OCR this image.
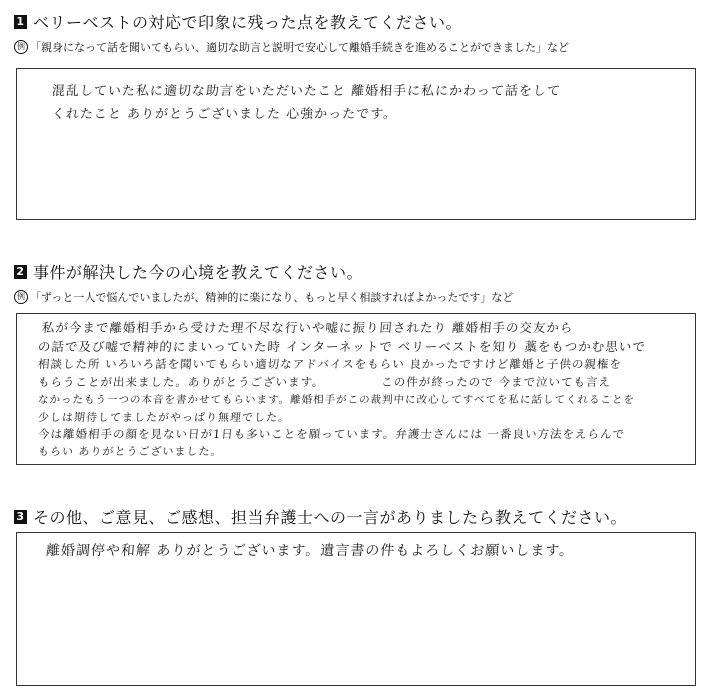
1 ベリーベストの対応で印象に残った点を教えてください。
例 「親身になって話を聞いてもらい、適切な助言と説明で安心して離婚手続きを進めることができました」など
混乱していた私に適切な助言をいただいたこと 離婚相手に私にかわって話をして
くれたこと ありがとうございました 心強かったです。
2 事件が解決した今の心境を教えてください。
例 「ずっと一人で悩んでいましたが、精神的に楽になり、もっと早く相談すればよかったです」など
私が今まで離婚相手から受けた理不尽な行いや嘘に振り回されたり 離婚相手の交友から
の話で及び嘘で精神的にまいっていた時 インターネットで ベリーベストを知り 藁をもつかむ思いで
相談した所 いろいろ話を聞いてもらい適切なアドバイスをもらい 良かったですけど離婚と子供の親権を
もらうことが出来ました。ありがとうございます。　　　　　この件が終ったので 今まで泣いても言え
なかったもう一つの本音を書かせてもらいます。離婚相手がこの裁判中に改心してすべてを私に話してくれることを
少しは期待してましたがやっぱり無理でした。
今は離婚相手の顔を見ない日が1日も多いことを願っています。弁護士さんには 一番良い方法をえらんで
もらい ありがとうございました。
3 その他、ご意見、ご感想、担当弁護士への一言がありましたら教えてください。
離婚調停や和解 ありがとうございます。遺言書の件もよろしくお願いします。
